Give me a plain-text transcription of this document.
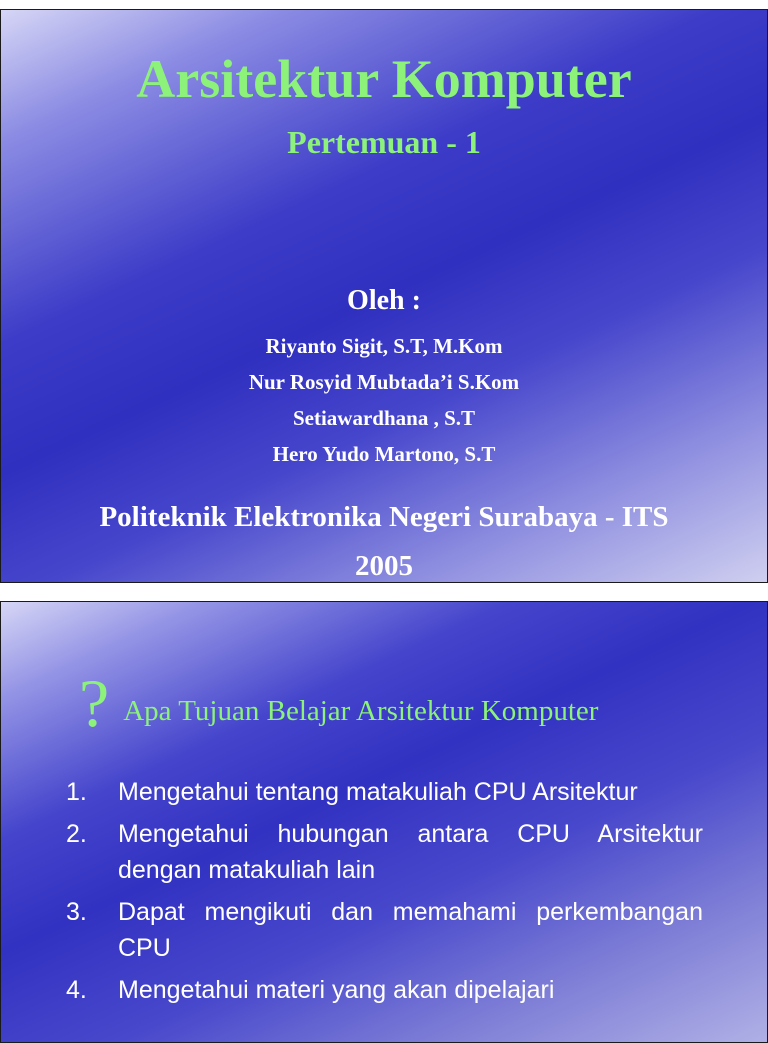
Arsitektur Komputer

Pertemuan - 1

Oleh :

Riyanto Sigit, S.T, M.Kom

Nur Rosyid Mubtada’i S.Kom

Setiawardhana , S.T

Hero Yudo Martono, S.T

Politeknik Elektronika Negeri Surabaya - ITS

2005

? Apa Tujuan Belajar Arsitektur Komputer
1. Mengetahui tentang matakuliah CPU Arsitektur
2. Mengetahui hubungan antara CPU Arsitektur dengan matakuliah lain
3. Dapat mengikuti dan memahami perkembangan CPU
4. Mengetahui materi yang akan dipelajari
